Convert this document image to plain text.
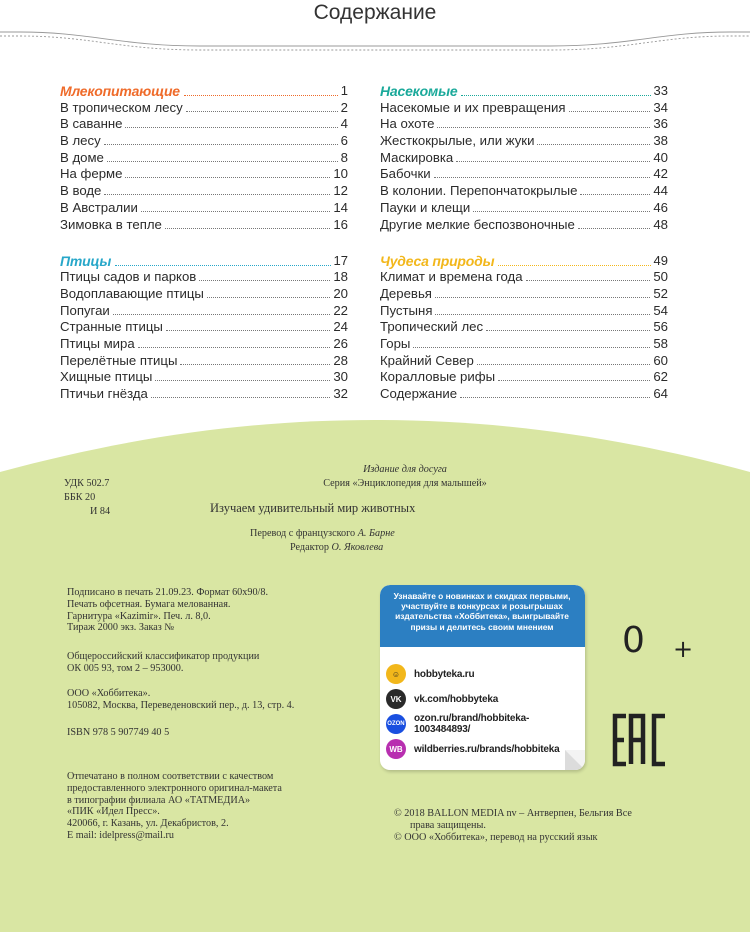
Содержание
Млекопитающие	1
В тропическом лесу	2
В саванне	4
В лесу	6
В доме	8
На ферме	10
В воде	12
В Австралии	14
Зимовка в тепле	16
Птицы	17
Птицы садов и парков	18
Водоплавающие птицы	20
Попугаи	22
Странные птицы	24
Птицы мира	26
Перелётные птицы	28
Хищные птицы	30
Птичьи гнёзда	32
Насекомые	33
Насекомые и их превращения	34
На охоте	36
Жесткокрылые, или жуки	38
Маскировка	40
Бабочки	42
В колонии. Перепончатокрылые	44
Пауки и клещи	46
Другие мелкие беспозвоночные	48
Чудеса природы	49
Климат и времена года	50
Деревья	52
Пустыня	54
Тропический лес	56
Горы	58
Крайний Север	60
Коралловые рифы	62
Содержание	64
Издание для досуга
Серия «Энциклопедия для малышей»
УДК 502.7
ББК 20
И 84	Изучаем удивительный мир животных
Перевод с французского А. Барне
Редактор О. Яковлева
Подписано в печать 21.09.23. Формат 60х90/8.
Печать офсетная. Бумага мелованная.
Гарнитура «Kazimir». Печ. л. 8,0.
Тираж 2000 экз. Заказ №
Общероссийский классификатор продукции
ОК 005 93, том 2 – 953000.
ООО «Хоббитека».
105082, Москва, Переведеновский пер., д. 13, стр. 4.
ISBN 978 5 907749 40 5
Отпечатано в полном соответствии с качеством
предоставленного электронного оригинал-макета
в типографии филиала АО «ТАТМЕДИА»
«ПИК «Идел Пресс».
420066, г. Казань, ул. Декабристов, 2.
E mail: idelpress@mail.ru
© 2018 BALLON MEDIA nv – Антверпен, Бельгия Все
права защищены.
© ООО «Хоббитека», перевод на русский язык
Узнавайте о новинках и скидках первыми, участвуйте в конкурсах и розыгрышах издательства «Хоббитека», выигрывайте призы и делитесь своим мнением
☺	hobbyteka.ru
VK	vk.com/hobbyteka
OZON ozon.ru/brand/hobbiteka-1003484893/
WB	wildberries.ru/brands/hobbiteka
0 +
